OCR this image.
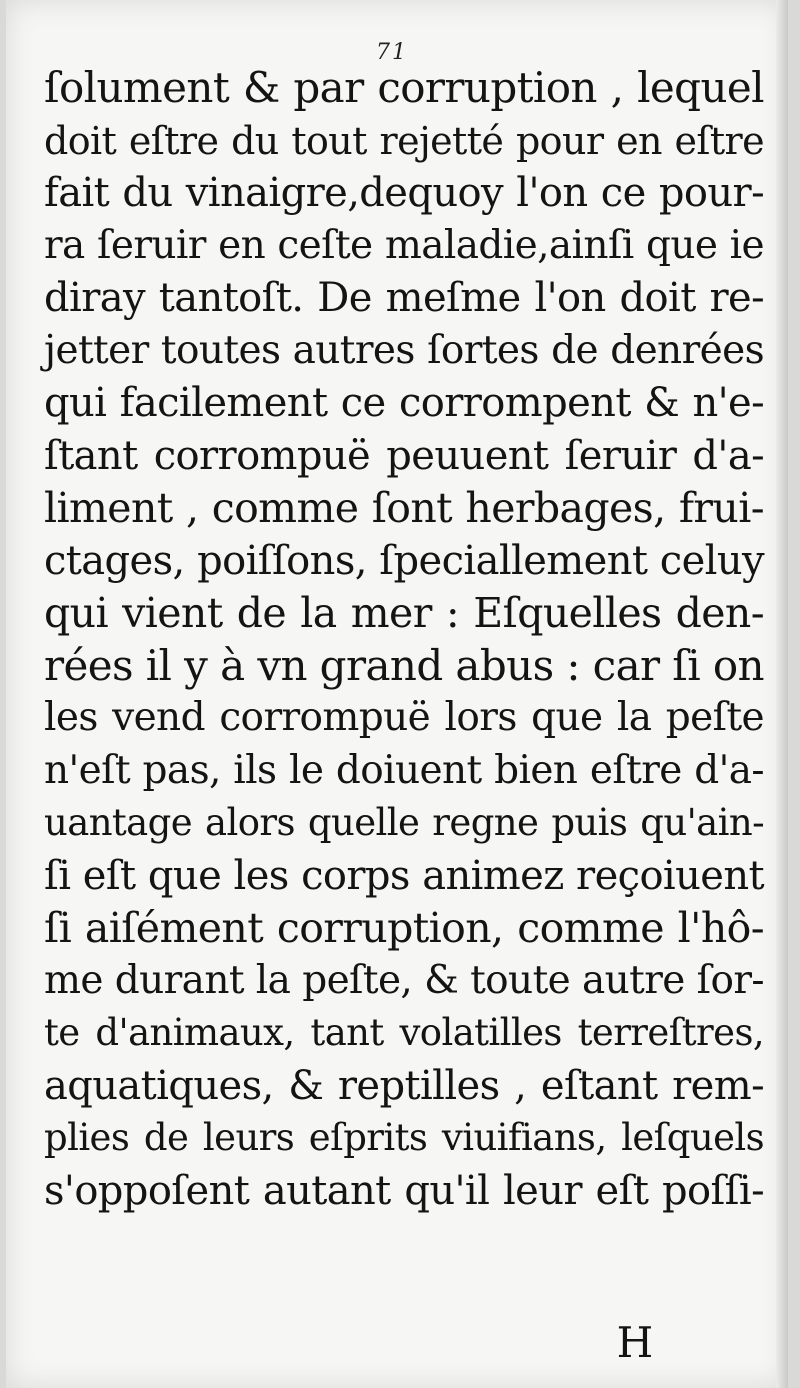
71
ſolument & par corruption , lequel
doit eſtre du tout rejetté pour en eſtre
fait du vinaigre,dequoy l'on ce pour-
ra ſeruir en ceſte maladie,ainſi que ie
diray tantoſt. De meſme l'on doit re-
jetter toutes autres ſortes de denrées
qui facilement ce corrompent & n'e-
ſtant corrompuë peuuent ſeruir d'a-
liment , comme ſont herbages, frui-
ctages, poiſſons, ſpeciallement celuy
qui vient de la mer : Eſquelles den-
rées il y à vn grand abus : car ſi on
les vend corrompuë lors que la peſte
n'eſt pas, ils le doiuent bien eſtre d'a-
uantage alors quelle regne puis qu'ain-
ſi eſt que les corps animez reçoiuent
ſi aiſément corruption, comme l'hô-
me durant la peſte, & toute autre ſor-
te d'animaux, tant volatilles terreſtres,
aquatiques, & reptilles , eſtant rem-
plies de leurs eſprits viuifians, leſquels
s'oppoſent autant qu'il leur eſt poſſi-
H
